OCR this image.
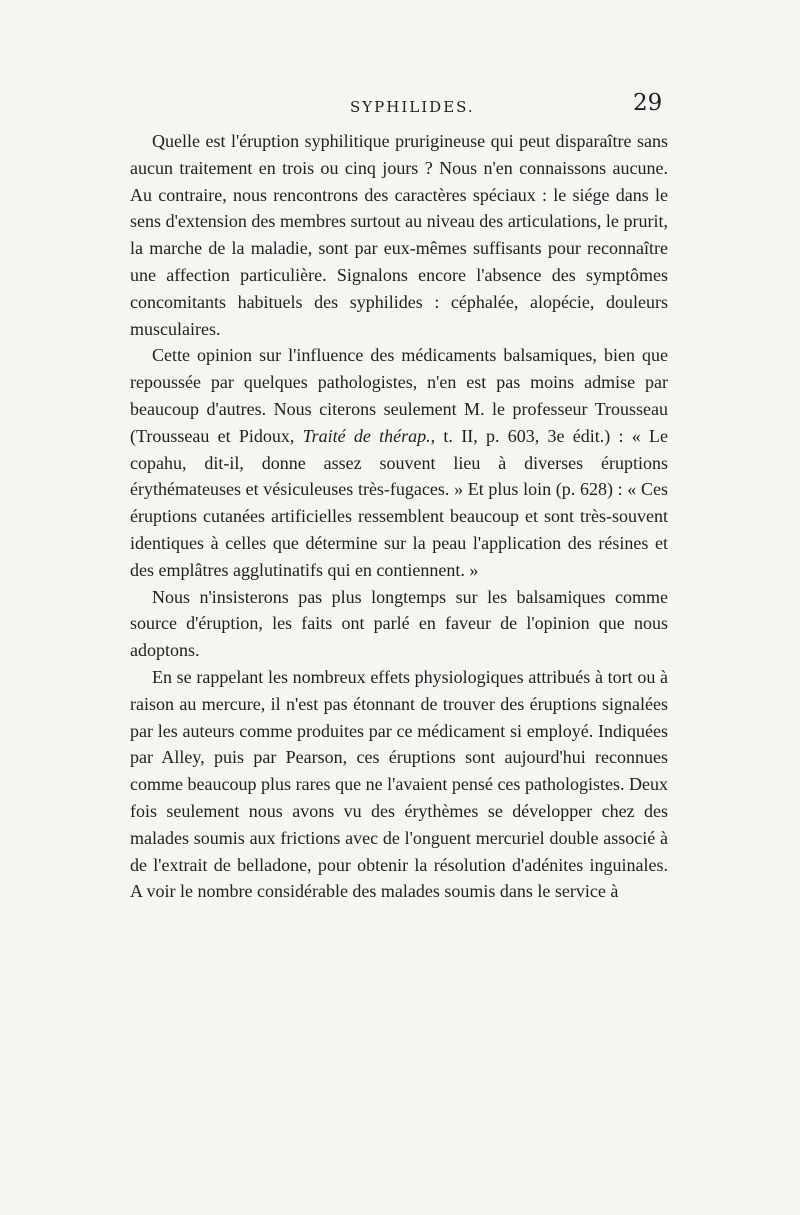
SYPHILIDES.	29

Quelle est l'éruption syphilitique prurigineuse qui peut disparaître sans aucun traitement en trois ou cinq jours ? Nous n'en connaissons aucune. Au contraire, nous rencontrons des caractères spéciaux : le siége dans le sens d'extension des membres surtout au niveau des articulations, le prurit, la marche de la maladie, sont par eux-mêmes suffisants pour reconnaître une affection particulière. Signalons encore l'absence des symptômes concomitants habituels des syphilides : céphalée, alopécie, douleurs musculaires.

Cette opinion sur l'influence des médicaments balsamiques, bien que repoussée par quelques pathologistes, n'en est pas moins admise par beaucoup d'autres. Nous citerons seulement M. le professeur Trousseau (Trousseau et Pidoux, Traité de thérap., t. II, p. 603, 3e édit.) : « Le copahu, dit-il, donne assez souvent lieu à diverses éruptions érythémateuses et vésiculeuses très-fugaces. » Et plus loin (p. 628) : « Ces éruptions cutanées artificielles ressemblent beaucoup et sont très-souvent identiques à celles que détermine sur la peau l'application des résines et des emplâtres agglutinatifs qui en contiennent. »

Nous n'insisterons pas plus longtemps sur les balsamiques comme source d'éruption, les faits ont parlé en faveur de l'opinion que nous adoptons.

En se rappelant les nombreux effets physiologiques attribués à tort ou à raison au mercure, il n'est pas étonnant de trouver des éruptions signalées par les auteurs comme produites par ce médicament si employé. Indiquées par Alley, puis par Pearson, ces éruptions sont aujourd'hui reconnues comme beaucoup plus rares que ne l'avaient pensé ces pathologistes. Deux fois seulement nous avons vu des érythèmes se développer chez des malades soumis aux frictions avec de l'onguent mercuriel double associé à de l'extrait de belladone, pour obtenir la résolution d'adénites inguinales. A voir le nombre considérable des malades soumis dans le service à
